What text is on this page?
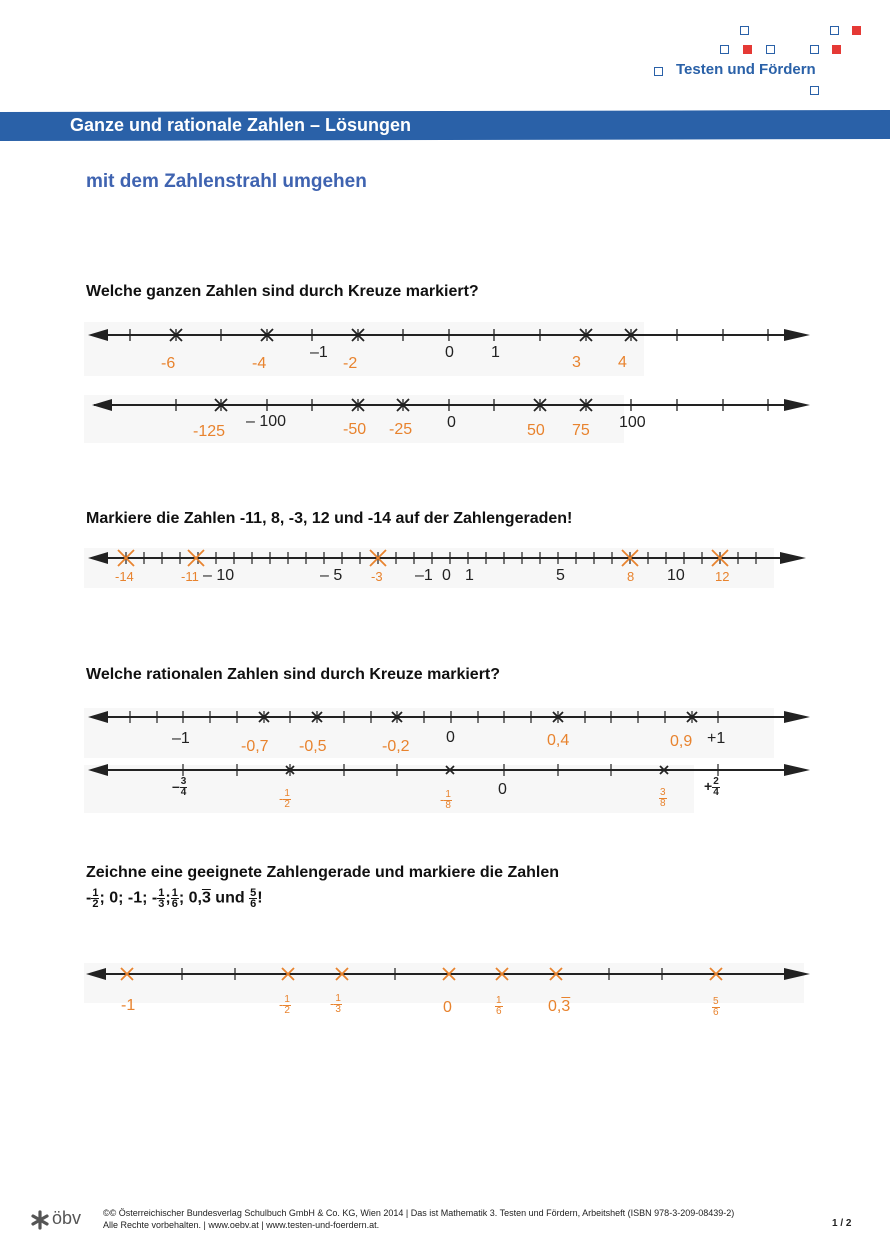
Testen und Fördern
Ganze und rationale Zahlen – Lösungen
mit dem Zahlenstrahl umgehen
Welche ganzen Zahlen sind durch Kreuze markiert?
–1	0 1
-6	-4	-2	3 4
– 100	0	100
-125	-50 -25	50 75
Markiere die Zahlen -11, 8, -3, 12 und -14 auf der Zahlengeraden!
– 10	– 5	–1 0 1	5	10
-14	-11	-3	8	12
Welche rationalen Zahlen sind durch Kreuze markiert?
–1	0	+1
-0,7 -0,5	-0,2	0,4	0,9
0
– $\frac{3}{4}$	+ $\frac{2}{4}$
- $\frac{1}{2}$	- $\frac{1}{8}$	$\frac{3}{8}$
Zeichne eine geeignete Zahlengerade und markiere die Zahlen
- $\frac{1}{2}$ ; 0; -1; - $\frac{1}{3}$ ; $\frac{1}{6}$ ; 0,3 und $\frac{5}{6}$ !
-1	- $\frac{1}{2}$	- $\frac{1}{3}$	0	$\frac{1}{6}$	0,3	$\frac{5}{6}$
öbv ©© Österreichischer Bundesverlag Schulbuch GmbH & Co. KG, Wien 2014 | Das ist Mathematik 3. Testen und Fördern, Arbeitsheft (ISBN 978-3-209-08439-2)
Alle Rechte vorbehalten. | www.oebv.at | www.testen-und-foerdern.at.	1 / 2
